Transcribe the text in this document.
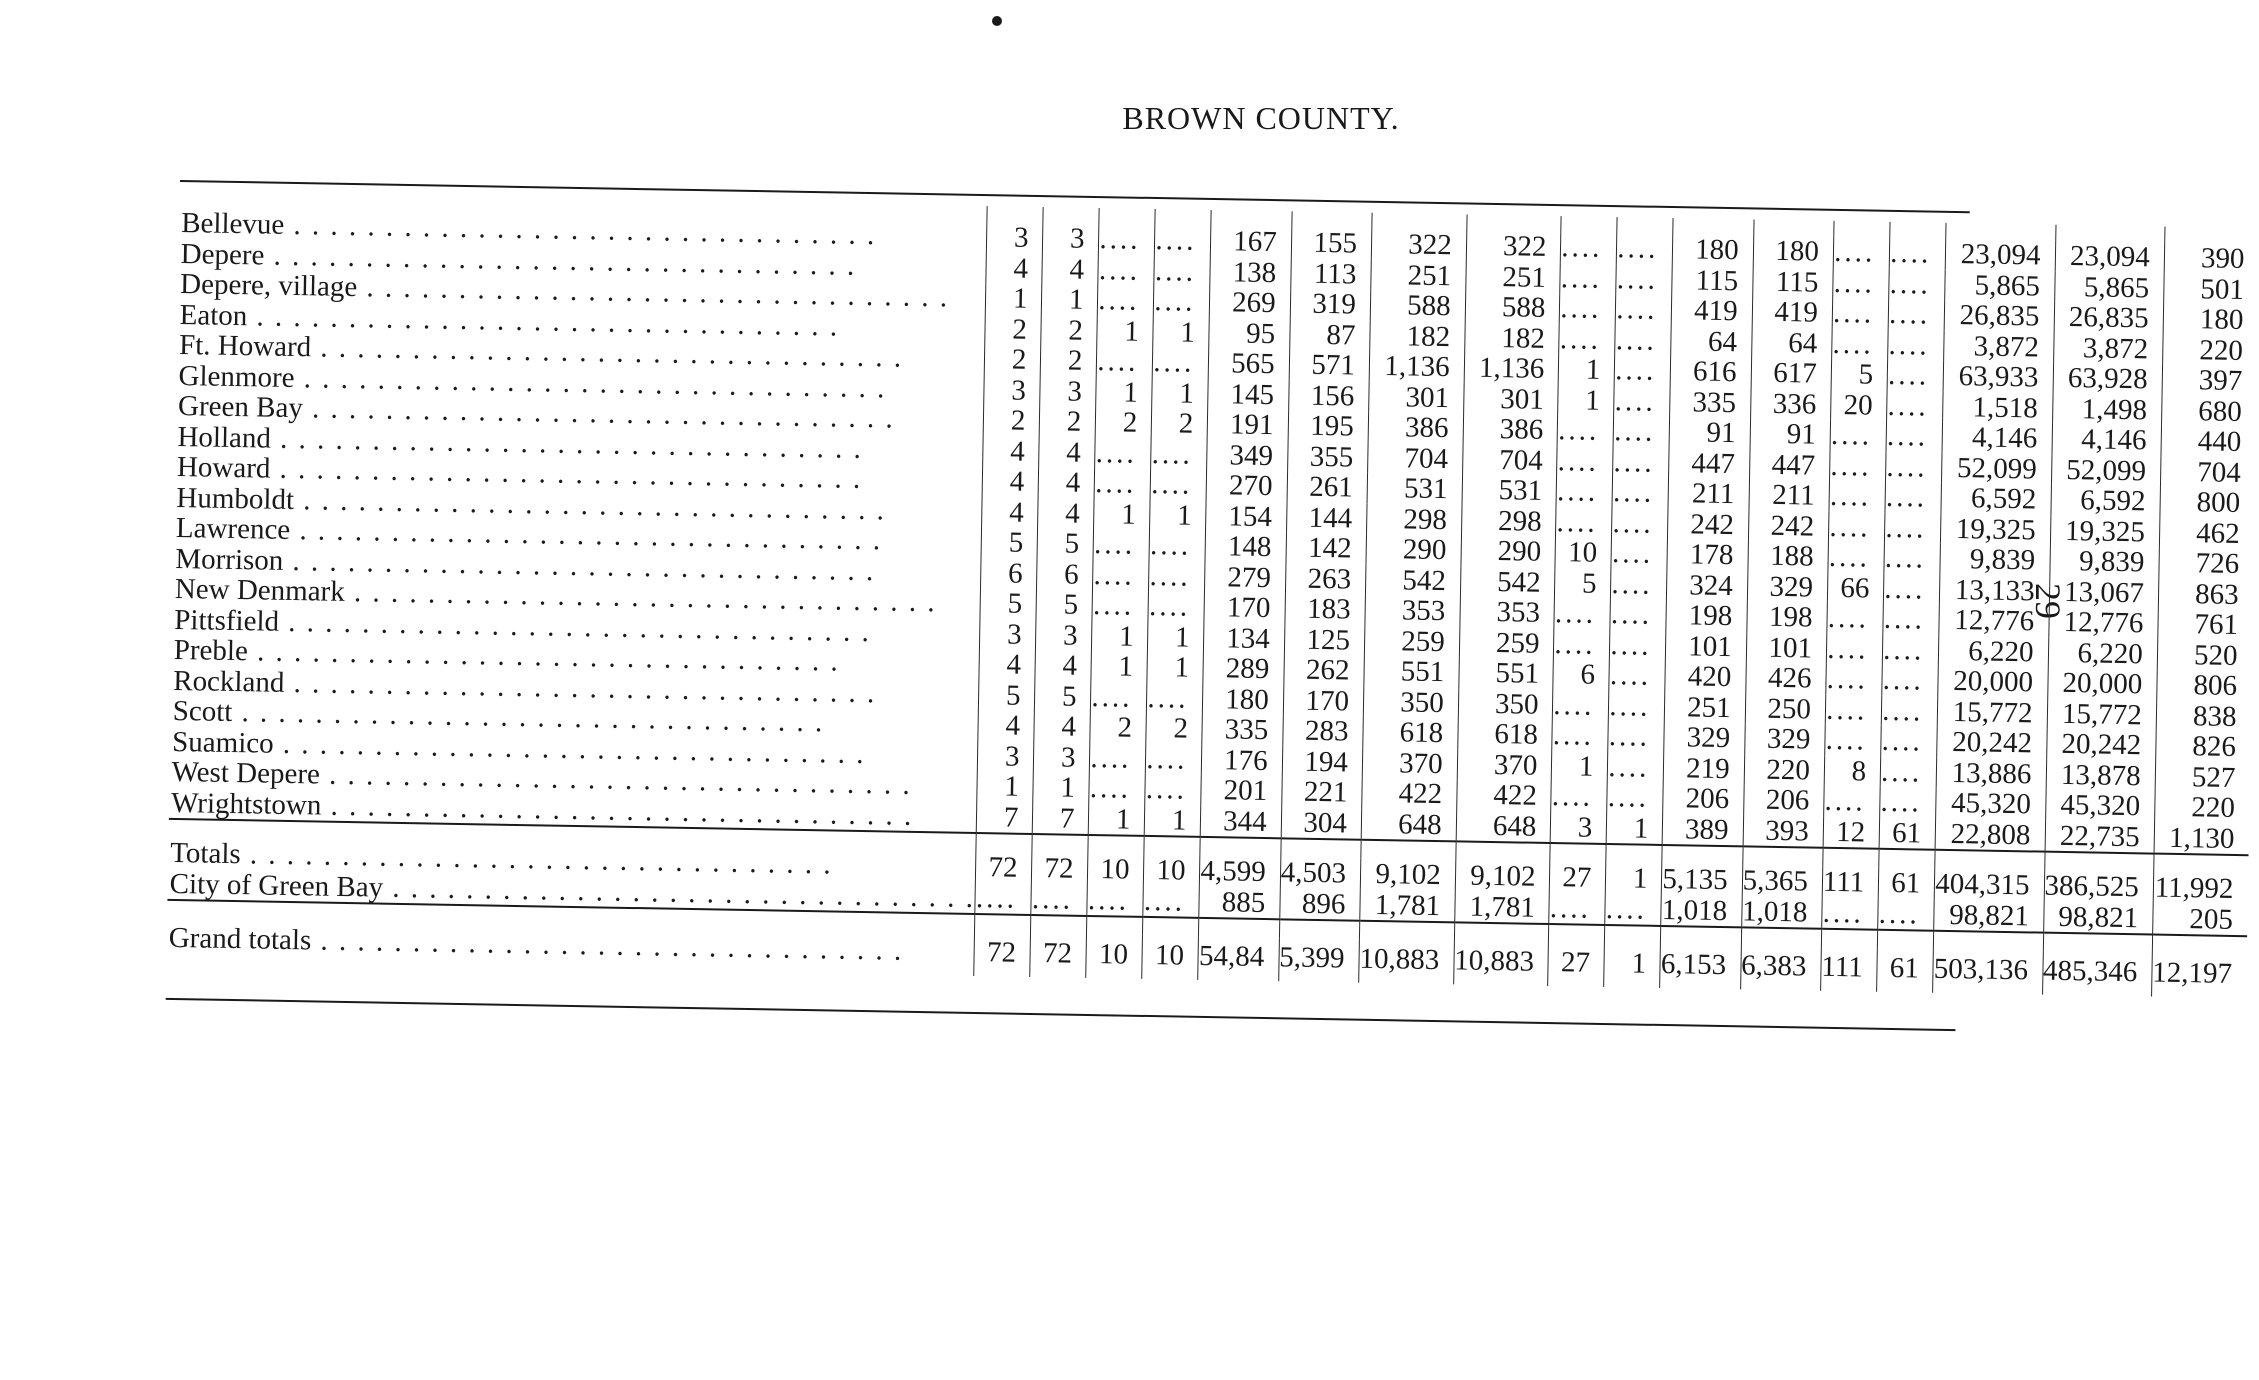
BROWN COUNTY.
29

Bellevue . . .	3	3	....	....	167	155	322	322	....	....	180	180	....	....	23,094	23,094	390
Depere . . .	4	4	....	....	138	113	251	251	....	....	115	115	....	....	5,865	5,865	501
Depere, village . . .	1	1	....	....	269	319	588	588	....	....	419	419	....	....	26,835	26,835	180
Eaton . . .	2	2	1	1	95	87	182	182	....	....	64	64	....	....	3,872	3,872	220
Ft. Howard . . .	2	2	....	....	565	571	1,136	1,136	1	....	616	617	5	....	63,933	63,928	397
Glenmore . . .	3	3	1	1	145	156	301	301	1	....	335	336	20	....	1,518	1,498	680
Green Bay . . .	2	2	2	2	191	195	386	386	....	....	91	91	....	....	4,146	4,146	440
Holland . . .	4	4	....	....	349	355	704	704	....	....	447	447	....	....	52,099	52,099	704
Howard . . .	4	4	....	....	270	261	531	531	....	....	211	211	....	....	6,592	6,592	800
Humboldt . . .	4	4	1	1	154	144	298	298	....	....	242	242	....	....	19,325	19,325	462
Lawrence . . .	5	5	....	....	148	142	290	290	10	....	178	188	....	....	9,839	9,839	726
Morrison . . .	6	6	....	....	279	263	542	542	5	....	324	329	66	....	13,133	13,067	863
New Denmark . . .	5	5	....	....	170	183	353	353	....	....	198	198	....	....	12,776	12,776	761
Pittsfield . . .	3	3	1	1	134	125	259	259	....	....	101	101	....	....	6,220	6,220	520
Preble . . .	4	4	1	1	289	262	551	551	6	....	420	426	....	....	20,000	20,000	806
Rockland . . .	5	5	....	....	180	170	350	350	....	....	251	250	....	....	15,772	15,772	838
Scott . . .	4	4	2	2	335	283	618	618	....	....	329	329	....	....	20,242	20,242	826
Suamico . . .	3	3	....	....	176	194	370	370	1	....	219	220	8	....	13,886	13,878	527
West Depere . . .	1	1	....	....	201	221	422	422	....	....	206	206	....	....	45,320	45,320	220
Wrightstown . . .	7	7	1	1	344	304	648	648	3	1	389	393	12	61	22,808	22,735	1,130

Totals . . .	72	72	10	10	4,599	4,503	9,102	9,102	27	1	5,135	5,365	111	61	404,315	386,525	11,992
City of Green Bay . . .	....	....	....	....	885	896	1,781	1,781	....	....	1,018	1,018	....	....	98,821	98,821	205

Grand totals . . .	72	72	10	10	54,84	5,399	10,883	10,883	27	1	6,153	6,383	111	61	503,136	485,346	12,197
